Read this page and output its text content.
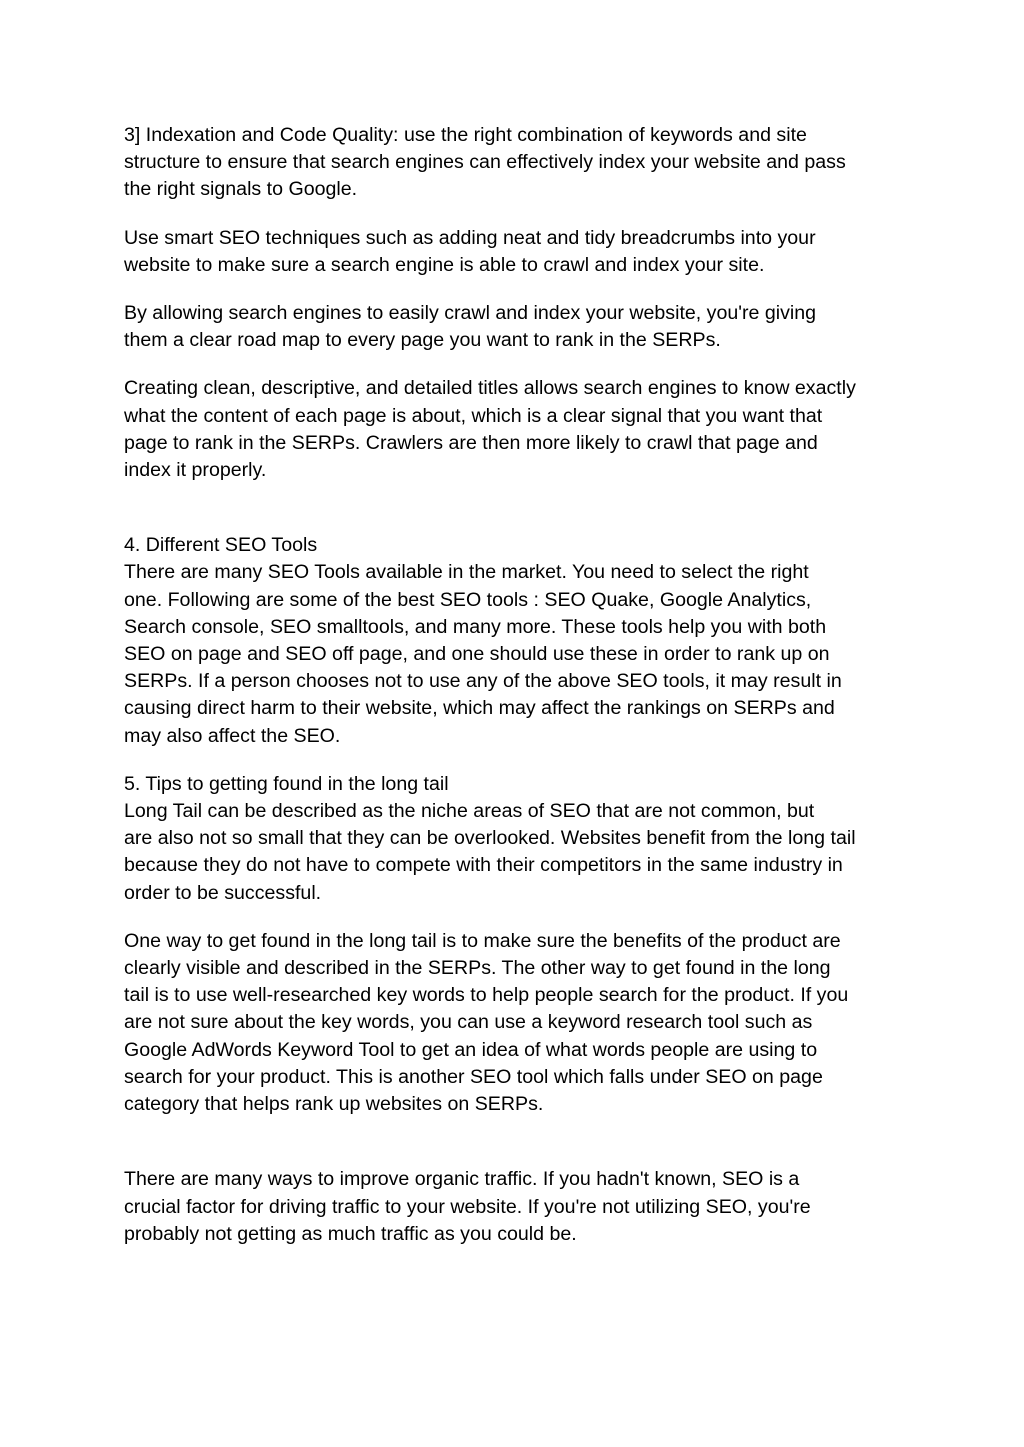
3] Indexation and Code Quality: use the right combination of keywords and site
structure to ensure that search engines can effectively index your website and pass
the right signals to Google.

Use smart SEO techniques such as adding neat and tidy breadcrumbs into your
website to make sure a search engine is able to crawl and index your site.

By allowing search engines to easily crawl and index your website, you're giving
them a clear road map to every page you want to rank in the SERPs.

Creating clean, descriptive, and detailed titles allows search engines to know exactly
what the content of each page is about, which is a clear signal that you want that
page to rank in the SERPs. Crawlers are then more likely to crawl that page and
index it properly.

4. Different SEO Tools

There are many SEO Tools available in the market. You need to select the right
one. Following are some of the best SEO tools : SEO Quake, Google Analytics,
Search console, SEO smalltools, and many more. These tools help you with both
SEO on page and SEO off page, and one should use these in order to rank up on
SERPs. If a person chooses not to use any of the above SEO tools, it may result in
causing direct harm to their website, which may affect the rankings on SERPs and
may also affect the SEO.

5. Tips to getting found in the long tail

Long Tail can be described as the niche areas of SEO that are not common, but
are also not so small that they can be overlooked. Websites benefit from the long tail
because they do not have to compete with their competitors in the same industry in
order to be successful.

One way to get found in the long tail is to make sure the benefits of the product are
clearly visible and described in the SERPs. The other way to get found in the long
tail is to use well-researched key words to help people search for the product. If you
are not sure about the key words, you can use a keyword research tool such as
Google AdWords Keyword Tool to get an idea of what words people are using to
search for your product. This is another SEO tool which falls under SEO on page
category that helps rank up websites on SERPs.

There are many ways to improve organic traffic. If you hadn't known, SEO is a
crucial factor for driving traffic to your website. If you're not utilizing SEO, you're
probably not getting as much traffic as you could be.
